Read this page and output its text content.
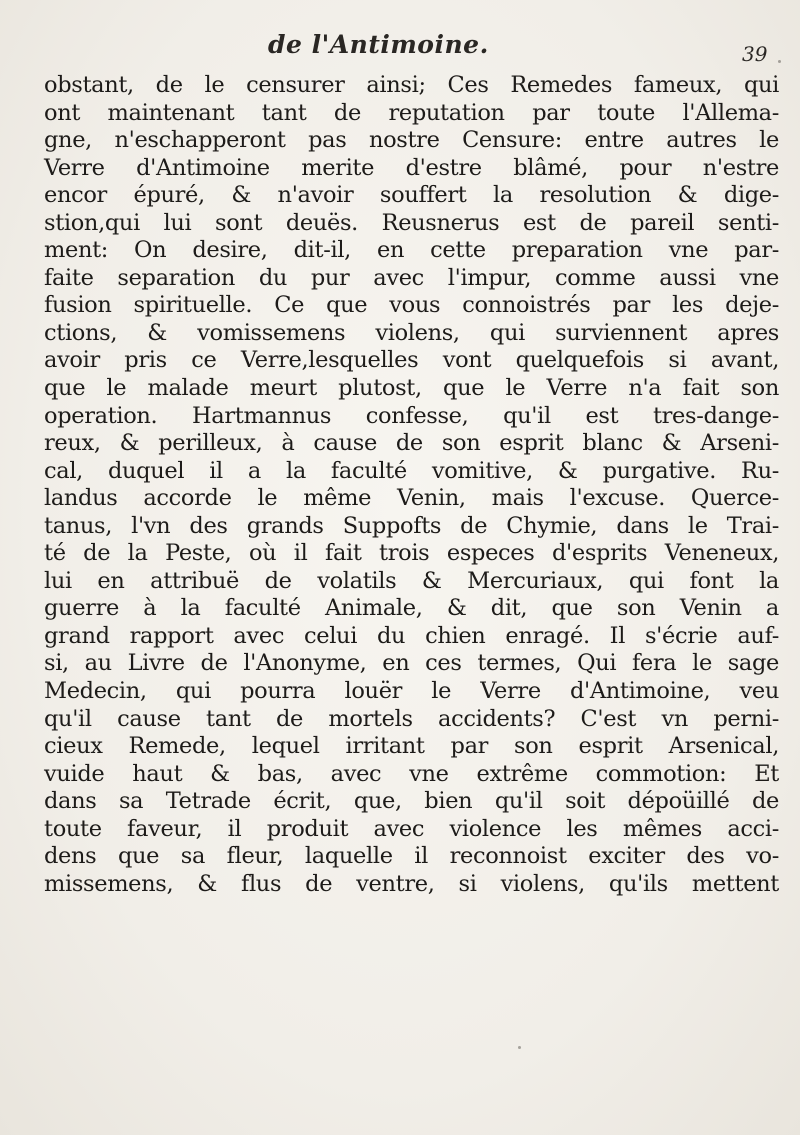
de l'Antimoine.	39
obstant, de le censurer ainsi; Ces Remedes fameux, qui
ont maintenant tant de reputation par toute l'Allema-
gne, n'eschapperont pas nostre Censure: entre autres le
Verre d'Antimoine merite d'estre blâmé, pour n'estre
encor épuré, & n'avoir souffert la resolution & dige-
stion,qui lui sont deuës. Reusnerus est de pareil senti-
ment: On desire, dit-il, en cette preparation vne par-
faite separation du pur avec l'impur, comme aussi vne
fusion spirituelle. Ce que vous connoistrés par les deje-
ctions, & vomissemens violens, qui surviennent apres
avoir pris ce Verre,lesquelles vont quelquefois si avant,
que le malade meurt plutost, que le Verre n'a fait son
operation. Hartmannus confesse, qu'il est tres-dange-
reux, & perilleux, à cause de son esprit blanc & Arseni-
cal, duquel il a la faculté vomitive, & purgative. Ru-
landus accorde le même Venin, mais l'excuse. Querce-
tanus, l'vn des grands Suppofts de Chymie, dans le Trai-
té de la Peste, où il fait trois especes d'esprits Veneneux,
lui en attribuë de volatils & Mercuriaux, qui font la
guerre à la faculté Animale, & dit, que son Venin a
grand rapport avec celui du chien enragé. Il s'écrie auf-
si, au Livre de l'Anonyme, en ces termes, Qui fera le sage
Medecin, qui pourra louër le Verre d'Antimoine, veu
qu'il cause tant de mortels accidents? C'est vn perni-
cieux Remede, lequel irritant par son esprit Arsenical,
vuide haut & bas, avec vne extrême commotion: Et
dans sa Tetrade écrit, que, bien qu'il soit dépoüillé de
toute faveur, il produit avec violence les mêmes acci-
dens que sa fleur, laquelle il reconnoist exciter des vo-
missemens, & flus de ventre, si violens, qu'ils mettent
